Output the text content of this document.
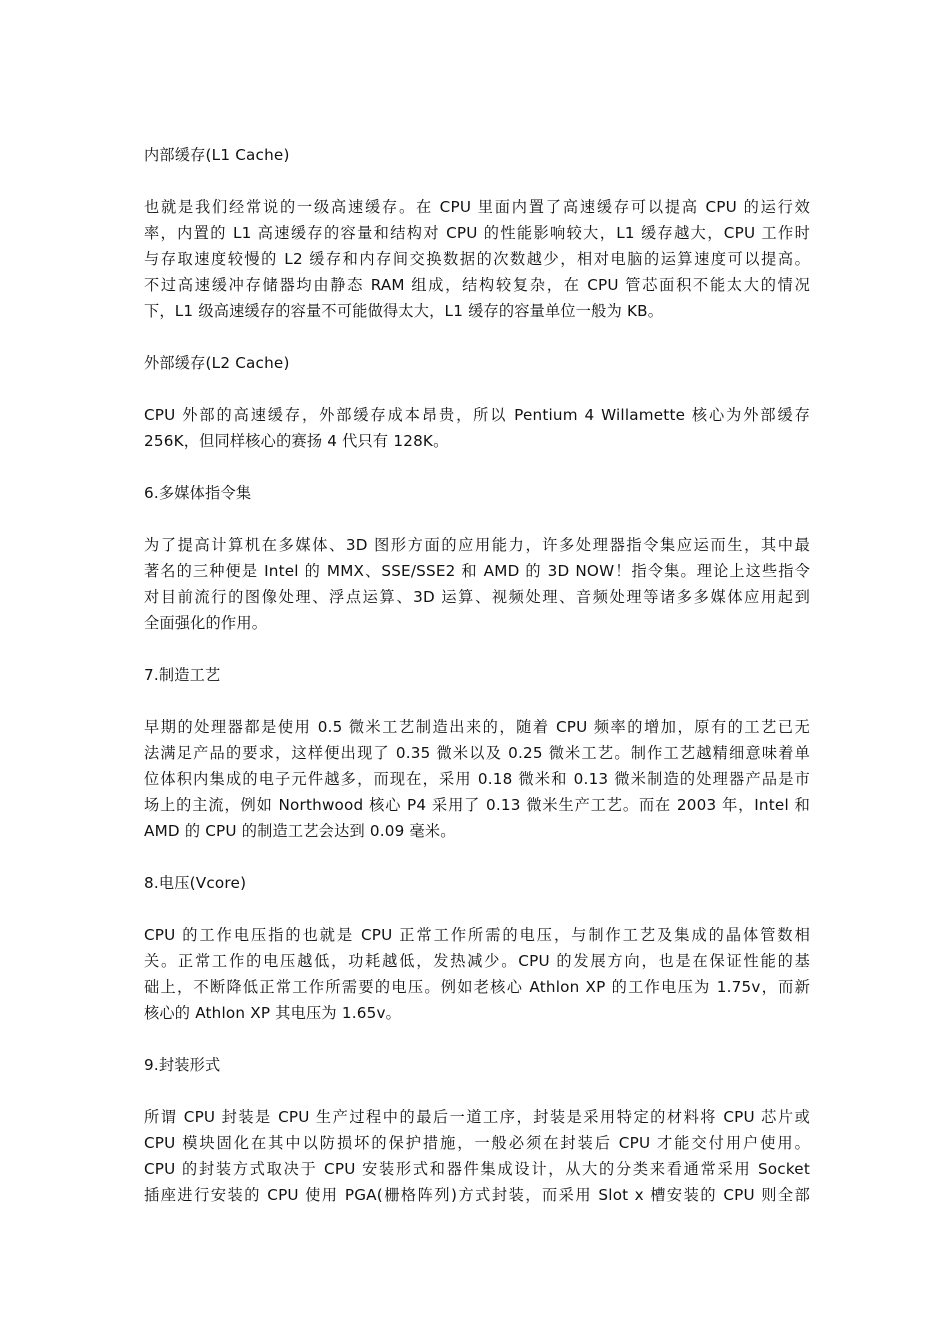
内部缓存(L1 Cache)

也就是我们经常说的一级高速缓存。在 CPU 里面内置了高速缓存可以提高 CPU 的运行效
率，内置的 L1 高速缓存的容量和结构对 CPU 的性能影响较大，L1 缓存越大，CPU 工作时
与存取速度较慢的 L2 缓存和内存间交换数据的次数越少，相对电脑的运算速度可以提高。
不过高速缓冲存储器均由静态 RAM 组成，结构较复杂，在 CPU 管芯面积不能太大的情况
下，L1 级高速缓存的容量不可能做得太大，L1 缓存的容量单位一般为 KB。

外部缓存(L2 Cache)

CPU 外部的高速缓存，外部缓存成本昂贵，所以 Pentium 4 Willamette 核心为外部缓存
256K，但同样核心的赛扬 4 代只有 128K。

6.多媒体指令集

为了提高计算机在多媒体、3D 图形方面的应用能力，许多处理器指令集应运而生，其中最
著名的三种便是 Intel 的 MMX、SSE/SSE2 和 AMD 的 3D NOW！指令集。理论上这些指令
对目前流行的图像处理、浮点运算、3D 运算、视频处理、音频处理等诸多多媒体应用起到
全面强化的作用。

7.制造工艺

早期的处理器都是使用 0.5 微米工艺制造出来的，随着 CPU 频率的增加，原有的工艺已无
法满足产品的要求，这样便出现了 0.35 微米以及 0.25 微米工艺。制作工艺越精细意味着单
位体积内集成的电子元件越多，而现在，采用 0.18 微米和 0.13 微米制造的处理器产品是市
场上的主流，例如 Northwood 核心 P4 采用了 0.13 微米生产工艺。而在 2003 年，Intel 和
AMD 的 CPU 的制造工艺会达到 0.09 毫米。

8.电压(Vcore)

CPU 的工作电压指的也就是 CPU 正常工作所需的电压，与制作工艺及集成的晶体管数相
关。正常工作的电压越低，功耗越低，发热减少。CPU 的发展方向，也是在保证性能的基
础上，不断降低正常工作所需要的电压。例如老核心 Athlon XP 的工作电压为 1.75v，而新
核心的 Athlon XP 其电压为 1.65v。

9.封装形式

所谓 CPU 封装是 CPU 生产过程中的最后一道工序，封装是采用特定的材料将 CPU 芯片或
CPU 模块固化在其中以防损坏的保护措施，一般必须在封装后 CPU 才能交付用户使用。
CPU 的封装方式取决于 CPU 安装形式和器件集成设计，从大的分类来看通常采用 Socket
插座进行安装的 CPU 使用 PGA(栅格阵列)方式封装，而采用 Slot x 槽安装的 CPU 则全部
